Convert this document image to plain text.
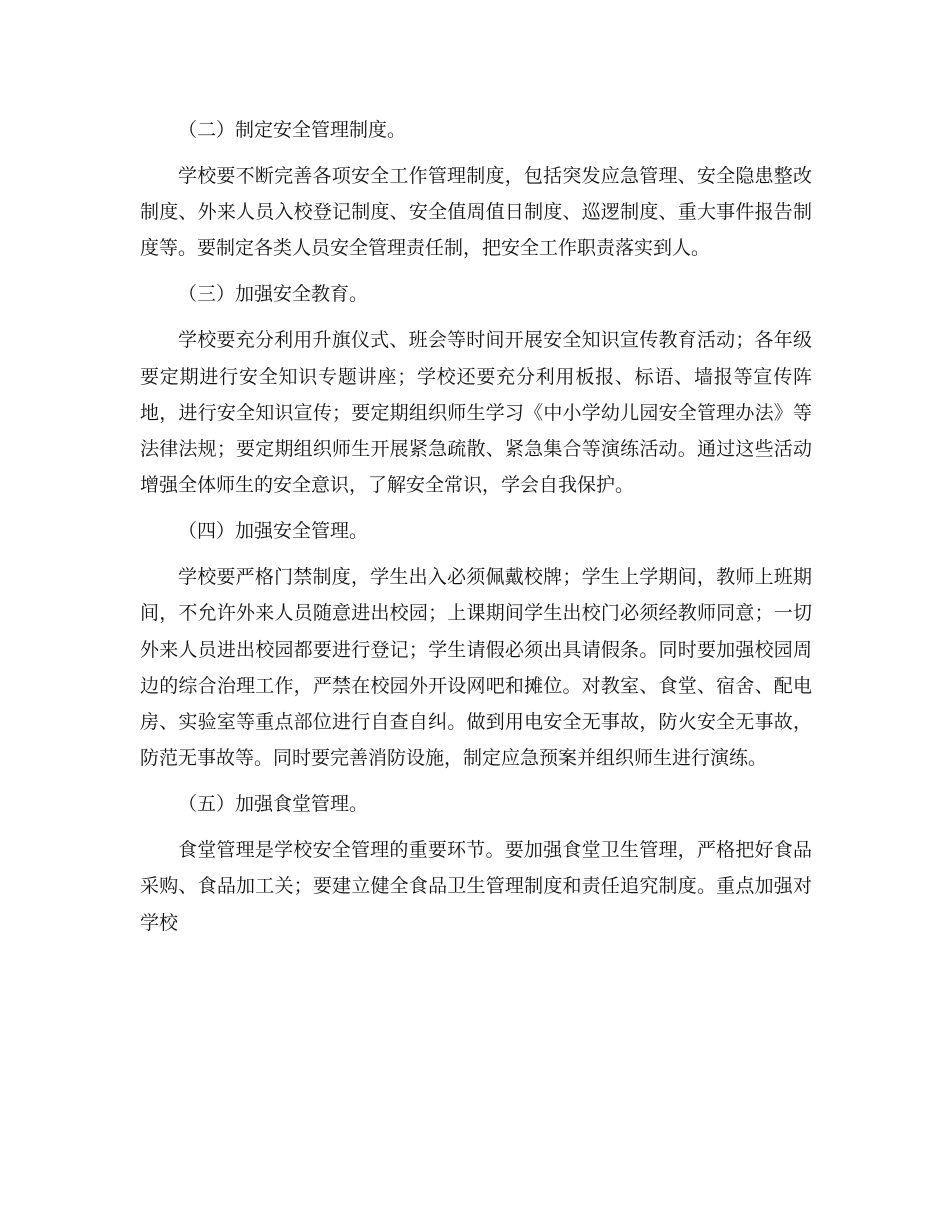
（二）制定安全管理制度。

学校要不断完善各项安全工作管理制度，包括突发应急管理、安全隐患整改制度、外来人员入校登记制度、安全值周值日制度、巡逻制度、重大事件报告制度等。要制定各类人员安全管理责任制，把安全工作职责落实到人。

（三）加强安全教育。

学校要充分利用升旗仪式、班会等时间开展安全知识宣传教育活动；各年级要定期进行安全知识专题讲座；学校还要充分利用板报、标语、墙报等宣传阵地，进行安全知识宣传；要定期组织师生学习《中小学幼儿园安全管理办法》等法律法规；要定期组织师生开展紧急疏散、紧急集合等演练活动。通过这些活动增强全体师生的安全意识，了解安全常识，学会自我保护。

（四）加强安全管理。

学校要严格门禁制度，学生出入必须佩戴校牌；学生上学期间，教师上班期间，不允许外来人员随意进出校园；上课期间学生出校门必须经教师同意；一切外来人员进出校园都要进行登记；学生请假必须出具请假条。同时要加强校园周边的综合治理工作，严禁在校园外开设网吧和摊位。对教室、食堂、宿舍、配电房、实验室等重点部位进行自查自纠。做到用电安全无事故，防火安全无事故，防范无事故等。同时要完善消防设施，制定应急预案并组织师生进行演练。

（五）加强食堂管理。

食堂管理是学校安全管理的重要环节。要加强食堂卫生管理，严格把好食品采购、食品加工关；要建立健全食品卫生管理制度和责任追究制度。重点加强对学校
